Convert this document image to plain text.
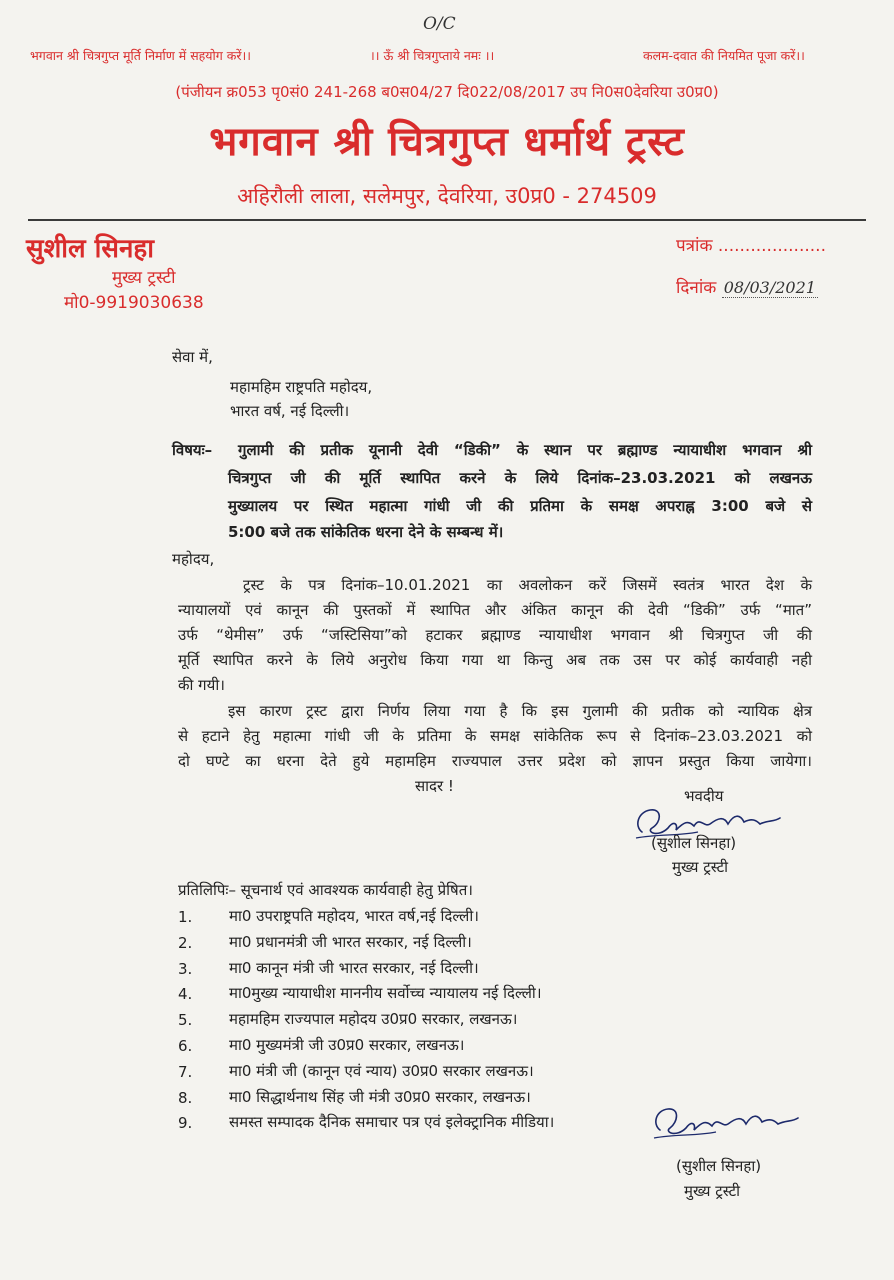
O/C
भगवान श्री चित्रगुप्त मूर्ति निर्माण में सहयोग करें।।	।। ऊँ श्री चित्रगुप्ताये नमः ।।	कलम-दवात की नियमित पूजा करें।।
(पंजीयन क्र053 पृ0सं0 241-268 ब0स04/27 दि022/08/2017 उप नि0स0देवरिया उ0प्र0)
भगवान श्री चित्रगुप्त धर्मार्थ ट्रस्ट
अहिरौली लाला, सलेमपुर, देवरिया, उ0प्र0 - 274509
सुशील सिनहा
मुख्य ट्रस्टी
मो0-9919030638
पत्रांक ....................
दिनांक 08/03/2021
सेवा में,
महामहिम राष्ट्रपति महोदय,
भारत वर्ष, नई दिल्ली।
विषयः– गुलामी की प्रतीक यूनानी देवी “डिकी” के स्थान पर ब्रह्माण्ड न्यायाधीश भगवान श्री
चित्रगुप्त जी की मूर्ति स्थापित करने के लिये दिनांक–23.03.2021 को लखनऊ
मुख्यालय पर स्थित महात्मा गांधी जी की प्रतिमा के समक्ष अपराह्न 3:00 बजे से
5:00 बजे तक सांकेतिक धरना देने के सम्बन्ध में।
महोदय,
ट्रस्ट के पत्र दिनांक–10.01.2021 का अवलोकन करें जिसमें स्वतंत्र भारत देश के
न्यायालयों एवं कानून की पुस्तकों में स्थापित और अंकित कानून की देवी “डिकी” उर्फ “मात”
उर्फ “थेमीस” उर्फ “जस्टिसिया”को हटाकर ब्रह्माण्ड न्यायाधीश भगवान श्री चित्रगुप्त जी की
मूर्ति स्थापित करने के लिये अनुरोध किया गया था किन्तु अब तक उस पर कोई कार्यवाही नही
की गयी।
इस कारण ट्रस्ट द्वारा निर्णय लिया गया है कि इस गुलामी की प्रतीक को न्यायिक क्षेत्र
से हटाने हेतु महात्मा गांधी जी के प्रतिमा के समक्ष सांकेतिक रूप से दिनांक–23.03.2021 को
दो घण्टे का धरना देते हुये महामहिम राज्यपाल उत्तर प्रदेश को ज्ञापन प्रस्तुत किया जायेगा।
सादर !
भवदीय
(सुशील सिनहा)
मुख्य ट्रस्टी
प्रतिलिपिः– सूचनार्थ एवं आवश्यक कार्यवाही हेतु प्रेषित।
1. मा0 उपराष्ट्रपति महोदय, भारत वर्ष,नई दिल्ली।
2. मा0 प्रधानमंत्री जी भारत सरकार, नई दिल्ली।
3. मा0 कानून मंत्री जी भारत सरकार, नई दिल्ली।
4. मा0मुख्य न्यायाधीश माननीय सर्वोच्च न्यायालय नई दिल्ली।
5. महामहिम राज्यपाल महोदय उ0प्र0 सरकार, लखनऊ।
6. मा0 मुख्यमंत्री जी उ0प्र0 सरकार, लखनऊ।
7. मा0 मंत्री जी (कानून एवं न्याय) उ0प्र0 सरकार लखनऊ।
8. मा0 सिद्धार्थनाथ सिंह जी मंत्री उ0प्र0 सरकार, लखनऊ।
9. समस्त सम्पादक दैनिक समाचार पत्र एवं इलेक्ट्रानिक मीडिया।
(सुशील सिनहा)
मुख्य ट्रस्टी
